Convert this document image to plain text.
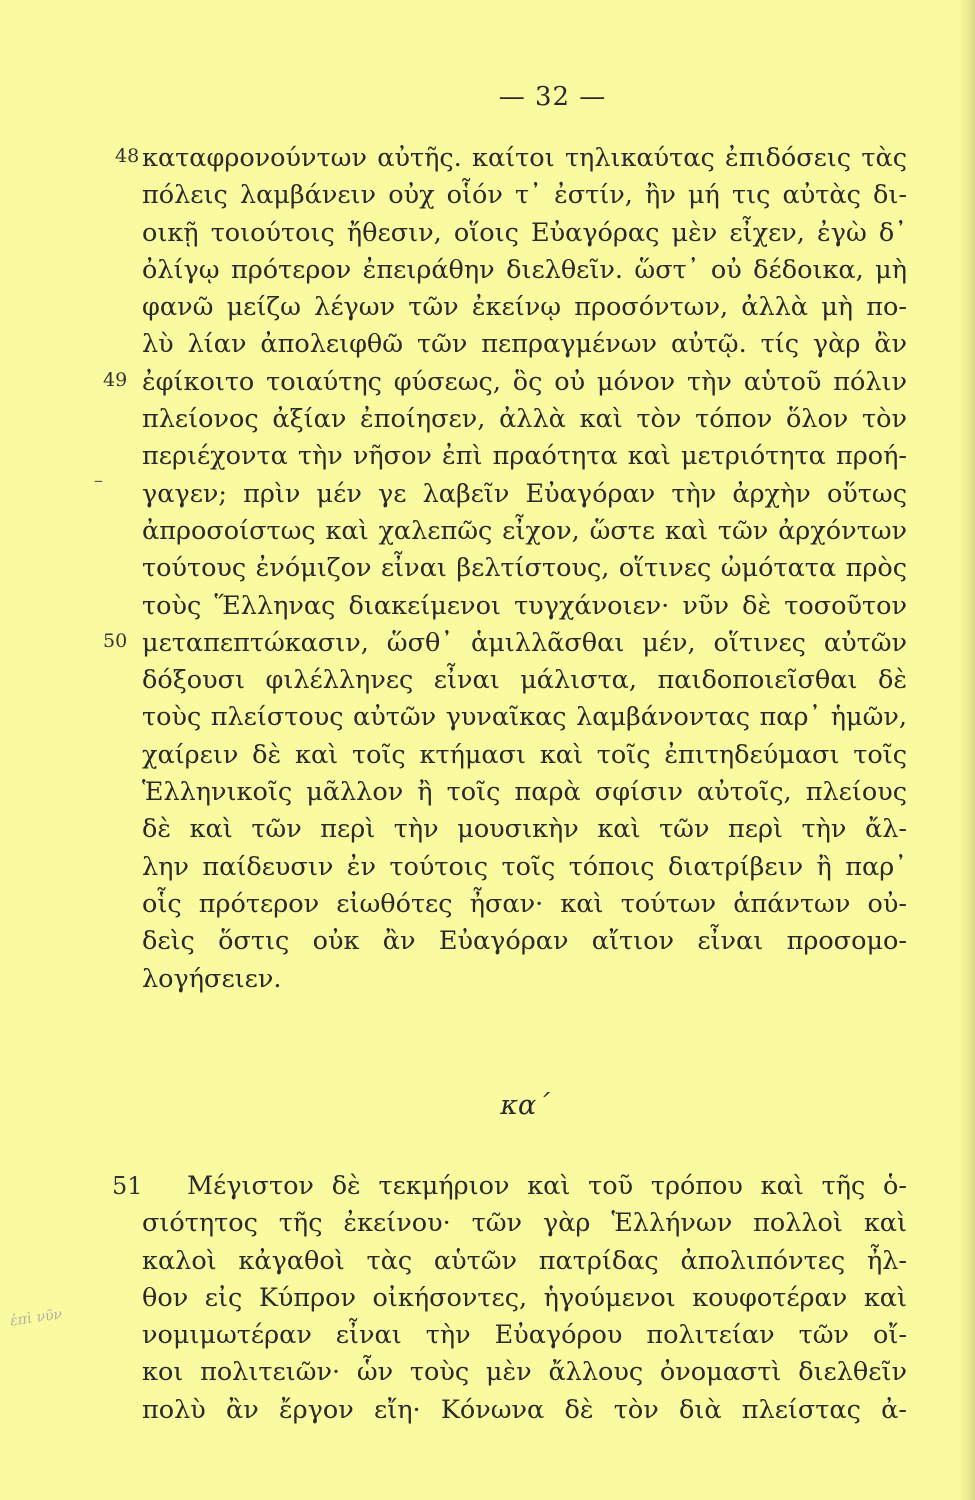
— 32 —
48
49
50
51
–
καταφρονούντων αὐτῆς. καίτοι τηλικαύτας ἐπιδόσεις τὰς
πόλεις λαμβάνειν οὐχ οἷόν τ᾽ ἐστίν, ἢν μή τις αὐτὰς δι-
οικῇ τοιούτοις ἤθεσιν, οἵοις Εὐαγόρας μὲν εἶχεν, ἐγὼ δ᾽
ὀλίγῳ πρότερον ἐπειράθην διελθεῖν. ὥστ᾽ οὐ δέδοικα, μὴ
φανῶ μείζω λέγων τῶν ἐκείνῳ προσόντων, ἀλλὰ μὴ πο-
λὺ λίαν ἀπολειφθῶ τῶν πεπραγμένων αὐτῷ. τίς γὰρ ἂν
ἐφίκοιτο τοιαύτης φύσεως, ὃς οὐ μόνον τὴν αὑτοῦ πόλιν
πλείονος ἀξίαν ἐποίησεν, ἀλλὰ καὶ τὸν τόπον ὅλον τὸν
περιέχοντα τὴν νῆσον ἐπὶ πραότητα καὶ μετριότητα προή-
γαγεν; πρὶν μέν γε λαβεῖν Εὐαγόραν τὴν ἀρχὴν οὕτως
ἀπροσοίστως καὶ χαλεπῶς εἶχον, ὥστε καὶ τῶν ἀρχόντων
τούτους ἐνόμιζον εἶναι βελτίστους, οἵτινες ὠμότατα πρὸς
τοὺς Ἕλληνας διακείμενοι τυγχάνοιεν· νῦν δὲ τοσοῦτον
μεταπεπτώκασιν, ὥσθ᾽ ἁμιλλᾶσθαι μέν, οἵτινες αὐτῶν
δόξουσι φιλέλληνες εἶναι μάλιστα, παιδοποιεῖσθαι δὲ
τοὺς πλείστους αὐτῶν γυναῖκας λαμβάνοντας παρ᾽ ἡμῶν,
χαίρειν δὲ καὶ τοῖς κτήμασι καὶ τοῖς ἐπιτηδεύμασι τοῖς
Ἑλληνικοῖς μᾶλλον ἢ τοῖς παρὰ σφίσιν αὐτοῖς, πλείους
δὲ καὶ τῶν περὶ τὴν μουσικὴν καὶ τῶν περὶ τὴν ἄλ-
λην παίδευσιν ἐν τούτοις τοῖς τόποις διατρίβειν ἢ παρ᾽
οἷς πρότερον εἰωθότες ἦσαν· καὶ τούτων ἁπάντων οὐ-
δεὶς ὅστις οὐκ ἂν Εὐαγόραν αἴτιον εἶναι προσομο-
λογήσειεν.
κα΄
Μέγιστον δὲ τεκμήριον καὶ τοῦ τρόπου καὶ τῆς ὁ-
σιότητος τῆς ἐκείνου· τῶν γὰρ Ἑλλήνων πολλοὶ καὶ
καλοὶ κἀγαθοὶ τὰς αὑτῶν πατρίδας ἀπολιπόντες ἦλ-
θον εἰς Κύπρον οἰκήσοντες, ἡγούμενοι κουφοτέραν καὶ
νομιμωτέραν εἶναι τὴν Εὐαγόρου πολιτείαν τῶν οἴ-
κοι πολιτειῶν· ὧν τοὺς μὲν ἄλλους ὀνομαστὶ διελθεῖν
πολὺ ἂν ἔργον εἴη· Κόνωνα δὲ τὸν διὰ πλείστας ἀ-
ἐπὶ νῦν
